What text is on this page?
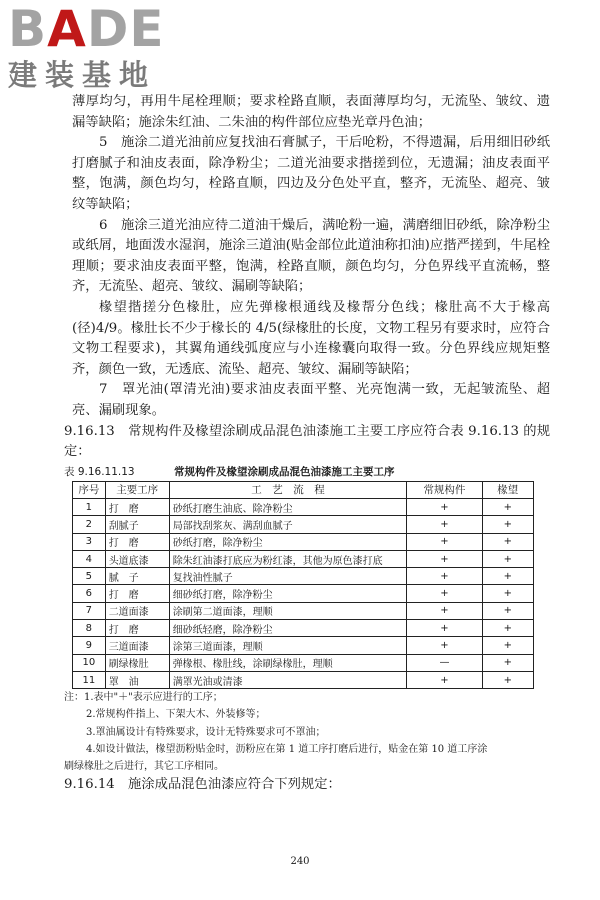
BADE
建装基地

薄厚均匀，再用牛尾栓理顺；要求栓路直顺，表面薄厚均匀，无流坠、皱纹、遗漏等缺陷；施涂朱红油、二朱油的构件部位应垫光章丹色油；

5　施涂二道光油前应复找油石膏腻子，干后呛粉，不得遗漏，后用细旧砂纸打磨腻子和油皮表面，除净粉尘；二道光油要求揩搓到位，无遗漏；油皮表面平整，饱满，颜色均匀，栓路直顺，四边及分色处平直，整齐，无流坠、超亮、皱纹等缺陷；

6　施涂三道光油应待二道油干燥后，满呛粉一遍，满磨细旧砂纸，除净粉尘或纸屑，地面泼水湿润，施涂三道油(贴金部位此道油称扣油)应揩严搓到，牛尾栓理顺；要求油皮表面平整，饱满，栓路直顺，颜色均匀，分色界线平直流畅，整齐，无流坠、超亮、皱纹、漏刷等缺陷；

椽望揩搓分色椽肚，应先弹椽根通线及椽帮分色线；椽肚高不大于椽高(径)4/9。椽肚长不少于椽长的 4/5(绿椽肚的长度，文物工程另有要求时，应符合文物工程要求)，其翼角通线弧度应与小连椽囊向取得一致。分色界线应规矩整齐，颜色一致，无透底、流坠、超亮、皱纹、漏刷等缺陷；

7　罩光油(罩清光油)要求油皮表面平整、光亮饱满一致，无起皱流坠、超亮、漏刷现象。

9.16.13　常规构件及椽望涂刷成品混色油漆施工主要工序应符合表 9.16.13 的规定：

表 9.16.11.13	常规构件及椽望涂刷成品混色油漆施工主要工序
序号	主要工序	工　艺　流　程	常规构件	椽望
1	打　磨	砂纸打磨生油底、除净粉尘	+	+
2	刮腻子	局部找刮浆灰、满刮血腻子	+	+
3	打　磨	砂纸打磨，除净粉尘	+	+
4	头道底漆	除朱红油漆打底应为粉红漆，其他为原色漆打底	+	+
5	腻　子	复找油性腻子	+	+
6	打　磨	细砂纸打磨，除净粉尘	+	+
7	二道面漆	涂刷第二道面漆，理顺	+	+
8	打　磨	细砂纸轻磨，除净粉尘	+	+
9	三道面漆	涂第三道面漆，理顺	+	+
10	刷绿椽肚	弹椽根、椽肚线，涂刷绿椽肚，理顺	—	+
11	罩　油	满罩光油或清漆	+	+
注：1.表中"＋"表示应进行的工序；
2.常规构件指上、下架大木、外装修等；
3.罩油属设计有特殊要求，设计无特殊要求可不罩油；
4.如设计做法，椽望沥粉贴金时，沥粉应在第 1 道工序打磨后进行，贴金在第 10 道工序涂
刷绿椽肚之后进行，其它工序相同。

9.16.14　施涂成品混色油漆应符合下列规定：

240
